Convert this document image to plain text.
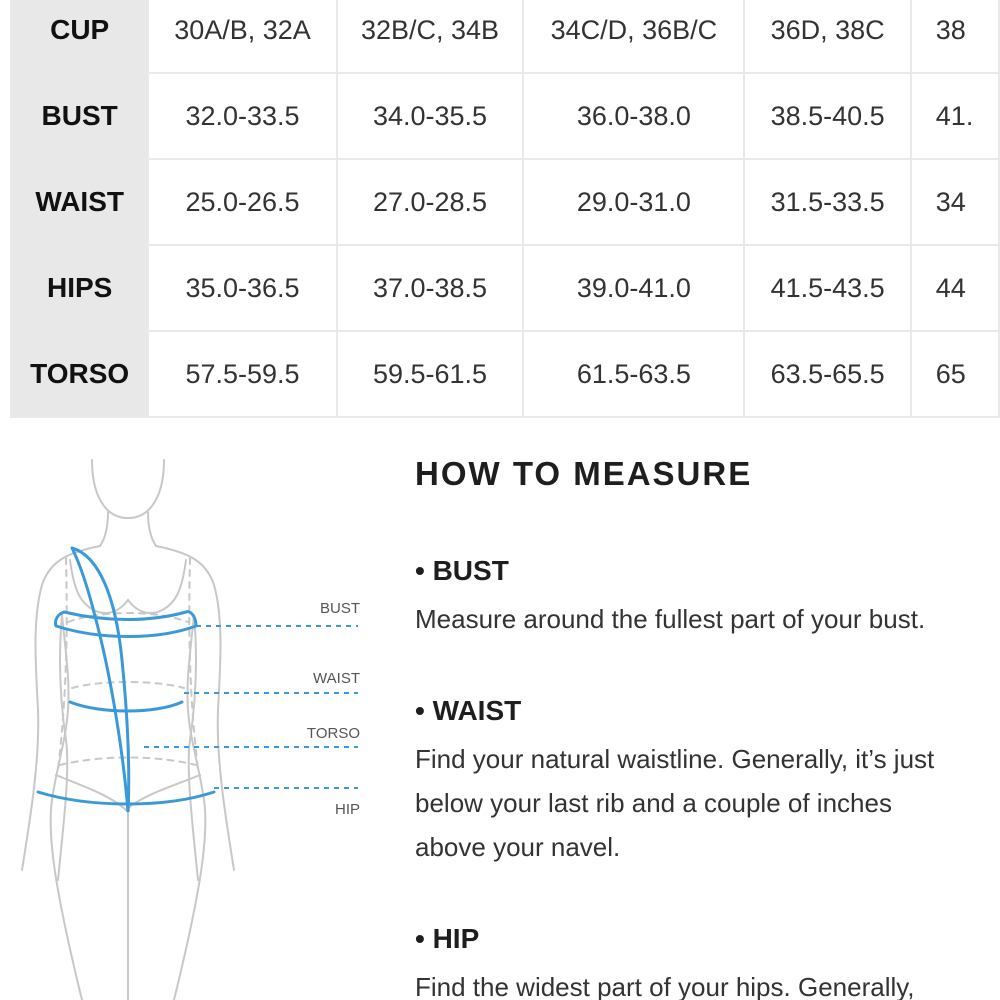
CUP	30A/B, 32A	32B/C, 34B	34C/D, 36B/C	36D, 38C	38
BUST	32.0-33.5	34.0-35.5	36.0-38.0	38.5-40.5	41.
WAIST	25.0-26.5	27.0-28.5	29.0-31.0	31.5-33.5	34
HIPS	35.0-36.5	37.0-38.5	39.0-41.0	41.5-43.5	44
TORSO	57.5-59.5	59.5-61.5	61.5-63.5	63.5-65.5	65
BUST
WAIST
TORSO
HIP
HOW TO MEASURE

• BUST

Measure around the fullest part of your bust.

• WAIST

Find your natural waistline. Generally, it’s just

below your last rib and a couple of inches

above your navel.

• HIP

Find the widest part of your hips. Generally,
